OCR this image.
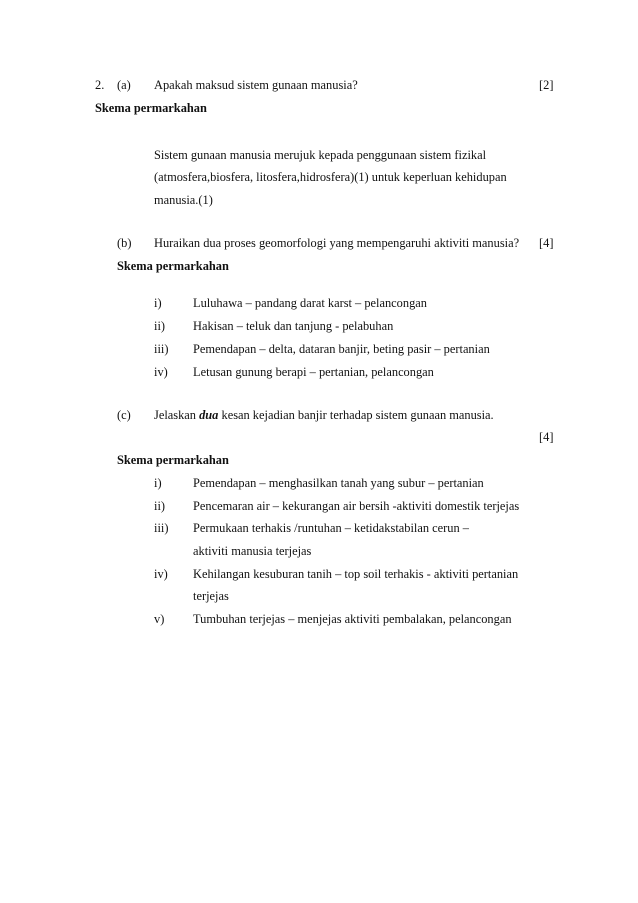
2. (a) Apakah maksud sistem gunaan manusia?	[2]
Skema permarkahan
Sistem gunaan manusia merujuk kepada penggunaan sistem fizikal
(atmosfera,biosfera, litosfera,hidrosfera)(1) untuk keperluan kehidupan
manusia.(1)
(b) Huraikan dua proses geomorfologi yang mempengaruhi aktiviti manusia? [4]
Skema permarkahan
i)	Luluhawa – pandang darat karst – pelancongan
ii) Hakisan – teluk dan tanjung - pelabuhan
iii) Pemendapan – delta, dataran banjir, beting pasir – pertanian
iv) Letusan gunung berapi – pertanian, pelancongan
(c) Jelaskan dua kesan kejadian banjir terhadap sistem gunaan manusia.
[4]
Skema permarkahan
i)	Pemendapan – menghasilkan tanah yang subur – pertanian
ii) Pencemaran air – kekurangan air bersih -aktiviti domestik terjejas
iii) Permukaan terhakis /runtuhan – ketidakstabilan cerun –
aktiviti manusia terjejas
iv) Kehilangan kesuburan tanih – top soil terhakis - aktiviti pertanian
terjejas
v) Tumbuhan terjejas – menjejas aktiviti pembalakan, pelancongan
